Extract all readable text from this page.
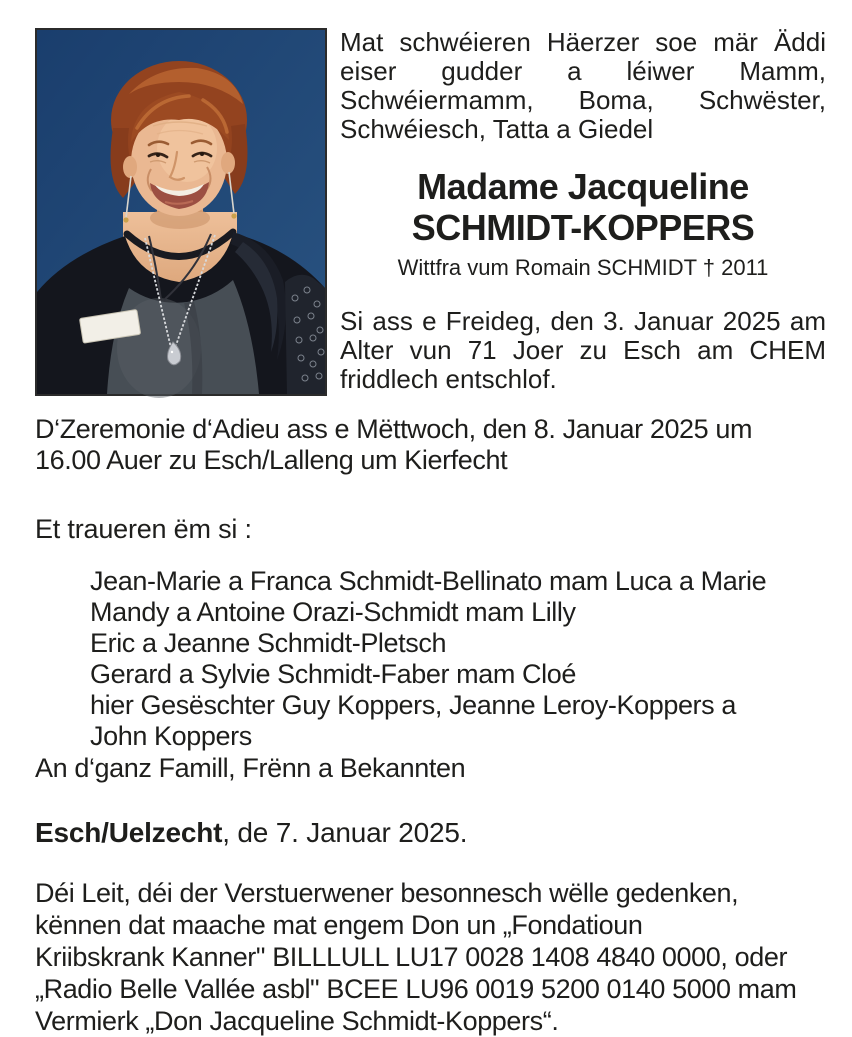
Mat schwéieren Häerzer soe mär Äddi eiser gudder a léiwer Mamm, Schwéiermamm, Boma, Schwëster, Schwéiesch, Tatta a Giedel

Madame Jacqueline
SCHMIDT-KOPPERS
Wittfra vum Romain SCHMIDT † 2011

Si ass e Freideg, den 3. Januar 2025 am Alter vun 71 Joer zu Esch am CHEM friddlech entschlof.

D‘Zeremonie d‘Adieu ass e Mëttwoch, den 8. Januar 2025 um 16.00 Auer zu Esch/Lalleng um Kierfecht

Et traueren ëm si :

Jean-Marie a Franca Schmidt-Bellinato mam Luca a Marie
Mandy a Antoine Orazi-Schmidt mam Lilly
Eric a Jeanne Schmidt-Pletsch
Gerard a Sylvie Schmidt-Faber mam Cloé
hier Gesëschter Guy Koppers, Jeanne Leroy-Koppers a
John Koppers

An d‘ganz Famill, Frënn a Bekannten

Esch/Uelzecht, de 7. Januar 2025.

Déi Leit, déi der Verstuerwener besonnesch wëlle gedenken,
kënnen dat maache mat engem Don un „Fondatioun
Kriibskrank Kanner" BILLLULL LU17 0028 1408 4840 0000, oder
„Radio Belle Vallée asbl" BCEE LU96 0019 5200 0140 5000 mam
Vermierk „Don Jacqueline Schmidt-Koppers“.
